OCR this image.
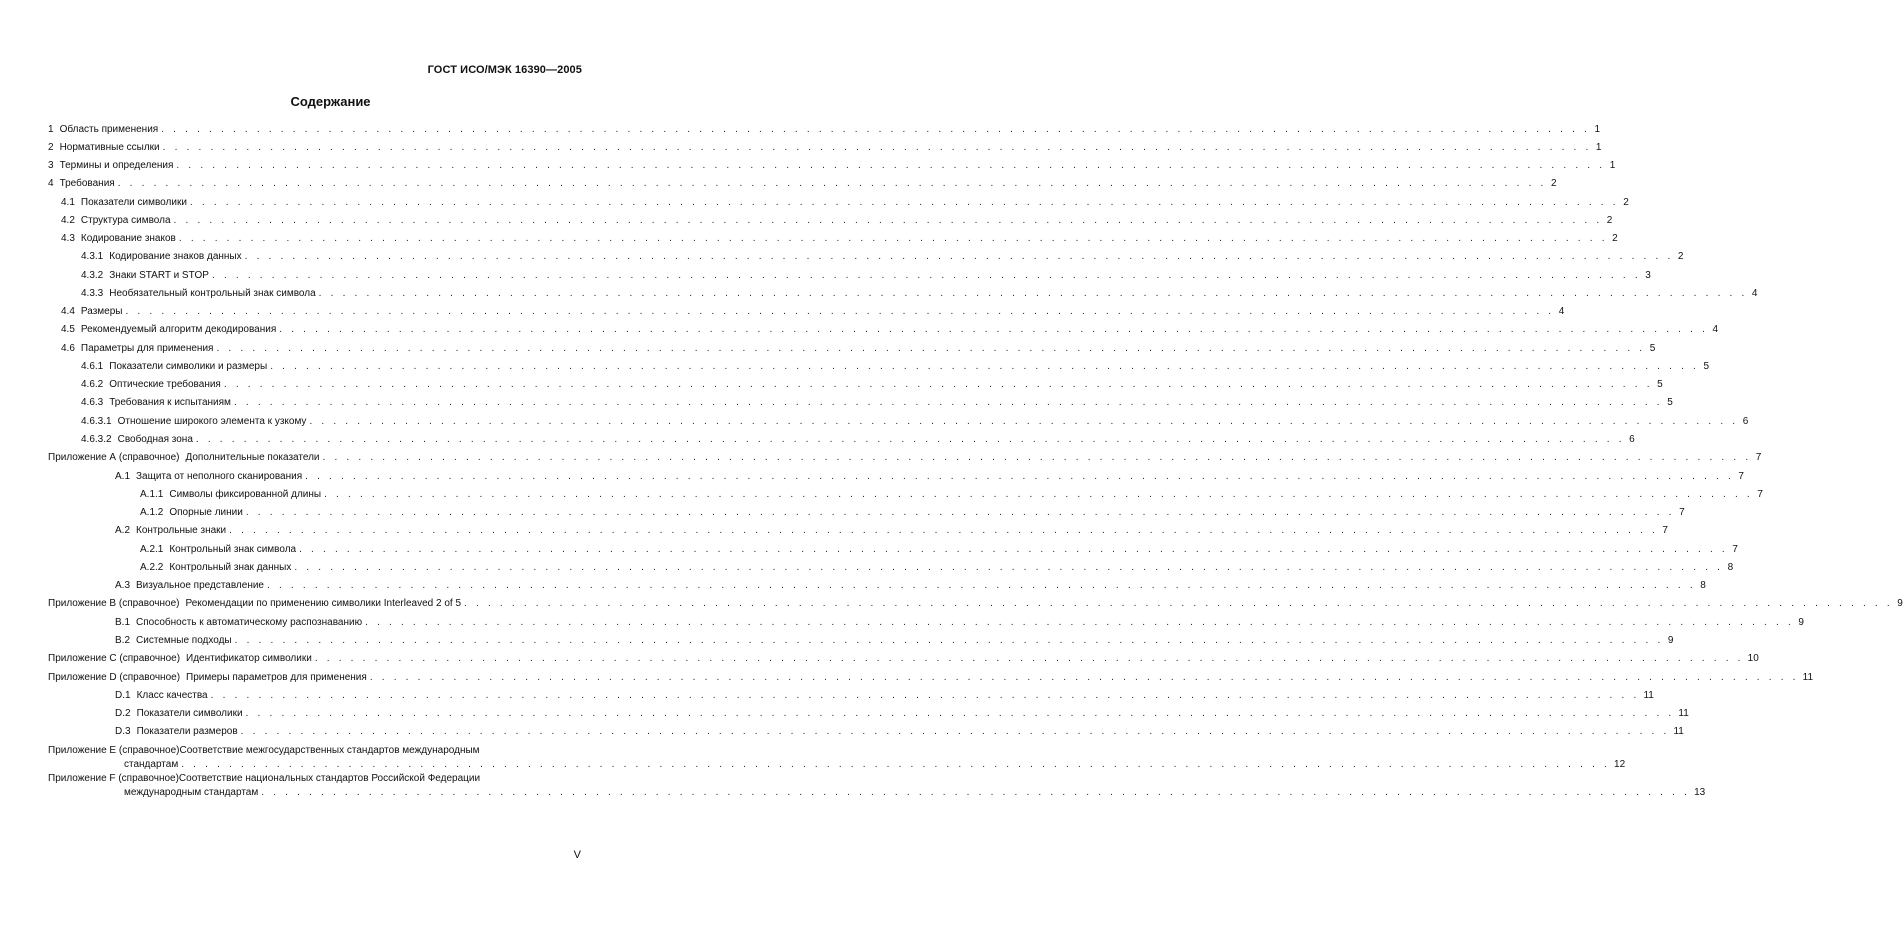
ГОСТ ИСО/МЭК 16390—2005
Содержание
1 Область применения . . . . . . . . . . . . . . . . . . . . . . . . . . . . . . . . . . . . . . . . . . . . . . . . . . . . . . . . . . . . . . . . . . . . . . . . . . . . . . . . . . . . . . . . . . . . . . . . . . . . . . . . . . . . . . . . . . . . . . . . 1
2 Нормативные ссылки . . . . . . . . . . . . . . . . . . . . . . . . . . . . . . . . . . . . . . . . . . . . . . . . . . . . . . . . . . . . . . . . . . . . . . . . . . . . . . . . . . . . . . . . . . . . . . . . . . . . . . . . . . . . . . . . . . . . . . . . 1
3 Термины и определения . . . . . . . . . . . . . . . . . . . . . . . . . . . . . . . . . . . . . . . . . . . . . . . . . . . . . . . . . . . . . . . . . . . . . . . . . . . . . . . . . . . . . . . . . . . . . . . . . . . . . . . . . . . . . . . . . . . . . . . . 1
4 Требования . . . . . . . . . . . . . . . . . . . . . . . . . . . . . . . . . . . . . . . . . . . . . . . . . . . . . . . . . . . . . . . . . . . . . . . . . . . . . . . . . . . . . . . . . . . . . . . . . . . . . . . . . . . . . . . . . . . . . . . . 2
4.1 Показатели символики . . . . . . . . . . . . . . . . . . . . . . . . . . . . . . . . . . . . . . . . . . . . . . . . . . . . . . . . . . . . . . . . . . . . . . . . . . . . . . . . . . . . . . . . . . . . . . . . . . . . . . . . . . . . . . . . . . . . . . . . 2
4.2 Структура символа . . . . . . . . . . . . . . . . . . . . . . . . . . . . . . . . . . . . . . . . . . . . . . . . . . . . . . . . . . . . . . . . . . . . . . . . . . . . . . . . . . . . . . . . . . . . . . . . . . . . . . . . . . . . . . . . . . . . . . . . 2
4.3 Кодирование знаков . . . . . . . . . . . . . . . . . . . . . . . . . . . . . . . . . . . . . . . . . . . . . . . . . . . . . . . . . . . . . . . . . . . . . . . . . . . . . . . . . . . . . . . . . . . . . . . . . . . . . . . . . . . . . . . . . . . . . . . . 2
4.3.1 Кодирование знаков данных . . . . . . . . . . . . . . . . . . . . . . . . . . . . . . . . . . . . . . . . . . . . . . . . . . . . . . . . . . . . . . . . . . . . . . . . . . . . . . . . . . . . . . . . . . . . . . . . . . . . . . . . . . . . . . . . . . . . . . . . 2
4.3.2 Знаки START и STOP . . . . . . . . . . . . . . . . . . . . . . . . . . . . . . . . . . . . . . . . . . . . . . . . . . . . . . . . . . . . . . . . . . . . . . . . . . . . . . . . . . . . . . . . . . . . . . . . . . . . . . . . . . . . . . . . . . . . . . . . 3
4.3.3 Необязательный контрольный знак символа . . . . . . . . . . . . . . . . . . . . . . . . . . . . . . . . . . . . . . . . . . . . . . . . . . . . . . . . . . . . . . . . . . . . . . . . . . . . . . . . . . . . . . . . . . . . . . . . . . . . . . . . . . . . . . . . . . . . . . . . 4
4.4 Размеры . . . . . . . . . . . . . . . . . . . . . . . . . . . . . . . . . . . . . . . . . . . . . . . . . . . . . . . . . . . . . . . . . . . . . . . . . . . . . . . . . . . . . . . . . . . . . . . . . . . . . . . . . . . . . . . . . . . . . . . . 4
4.5 Рекомендуемый алгоритм декодирования . . . . . . . . . . . . . . . . . . . . . . . . . . . . . . . . . . . . . . . . . . . . . . . . . . . . . . . . . . . . . . . . . . . . . . . . . . . . . . . . . . . . . . . . . . . . . . . . . . . . . . . . . . . . . . . . . . . . . . . . 4
4.6 Параметры для применения . . . . . . . . . . . . . . . . . . . . . . . . . . . . . . . . . . . . . . . . . . . . . . . . . . . . . . . . . . . . . . . . . . . . . . . . . . . . . . . . . . . . . . . . . . . . . . . . . . . . . . . . . . . . . . . . . . . . . . . . 5
4.6.1 Показатели символики и размеры . . . . . . . . . . . . . . . . . . . . . . . . . . . . . . . . . . . . . . . . . . . . . . . . . . . . . . . . . . . . . . . . . . . . . . . . . . . . . . . . . . . . . . . . . . . . . . . . . . . . . . . . . . . . . . . . . . . . . . . . 5
4.6.2 Оптические требования . . . . . . . . . . . . . . . . . . . . . . . . . . . . . . . . . . . . . . . . . . . . . . . . . . . . . . . . . . . . . . . . . . . . . . . . . . . . . . . . . . . . . . . . . . . . . . . . . . . . . . . . . . . . . . . . . . . . . . . . 5
4.6.3 Требования к испытаниям . . . . . . . . . . . . . . . . . . . . . . . . . . . . . . . . . . . . . . . . . . . . . . . . . . . . . . . . . . . . . . . . . . . . . . . . . . . . . . . . . . . . . . . . . . . . . . . . . . . . . . . . . . . . . . . . . . . . . . . . 5
4.6.3.1 Отношение широкого элемента к узкому . . . . . . . . . . . . . . . . . . . . . . . . . . . . . . . . . . . . . . . . . . . . . . . . . . . . . . . . . . . . . . . . . . . . . . . . . . . . . . . . . . . . . . . . . . . . . . . . . . . . . . . . . . . . . . . . . . . . . . . . 6
4.6.3.2 Свободная зона . . . . . . . . . . . . . . . . . . . . . . . . . . . . . . . . . . . . . . . . . . . . . . . . . . . . . . . . . . . . . . . . . . . . . . . . . . . . . . . . . . . . . . . . . . . . . . . . . . . . . . . . . . . . . . . . . . . . . . . . 6
Приложение А (справочное) Дополнительные показатели . . . . . . . . . . . . . . . . . . . . . . . . . . . . . . . . . . . . . . . . . . . . . . . . . . . . . . . . . . . . . . . . . . . . . . . . . . . . . . . . . . . . . . . . . . . . . . . . . . . . . . . . . . . . . . . . . . . . . . . . 7
А.1 Защита от неполного сканирования . . . . . . . . . . . . . . . . . . . . . . . . . . . . . . . . . . . . . . . . . . . . . . . . . . . . . . . . . . . . . . . . . . . . . . . . . . . . . . . . . . . . . . . . . . . . . . . . . . . . . . . . . . . . . . . . . . . . . . . . 7
А.1.1 Символы фиксированной длины . . . . . . . . . . . . . . . . . . . . . . . . . . . . . . . . . . . . . . . . . . . . . . . . . . . . . . . . . . . . . . . . . . . . . . . . . . . . . . . . . . . . . . . . . . . . . . . . . . . . . . . . . . . . . . . . . . . . . . . . 7
А.1.2 Опорные линии . . . . . . . . . . . . . . . . . . . . . . . . . . . . . . . . . . . . . . . . . . . . . . . . . . . . . . . . . . . . . . . . . . . . . . . . . . . . . . . . . . . . . . . . . . . . . . . . . . . . . . . . . . . . . . . . . . . . . . . . 7
А.2 Контрольные знаки . . . . . . . . . . . . . . . . . . . . . . . . . . . . . . . . . . . . . . . . . . . . . . . . . . . . . . . . . . . . . . . . . . . . . . . . . . . . . . . . . . . . . . . . . . . . . . . . . . . . . . . . . . . . . . . . . . . . . . . . 7
А.2.1 Контрольный знак символа . . . . . . . . . . . . . . . . . . . . . . . . . . . . . . . . . . . . . . . . . . . . . . . . . . . . . . . . . . . . . . . . . . . . . . . . . . . . . . . . . . . . . . . . . . . . . . . . . . . . . . . . . . . . . . . . . . . . . . . . 7
А.2.2 Контрольный знак данных . . . . . . . . . . . . . . . . . . . . . . . . . . . . . . . . . . . . . . . . . . . . . . . . . . . . . . . . . . . . . . . . . . . . . . . . . . . . . . . . . . . . . . . . . . . . . . . . . . . . . . . . . . . . . . . . . . . . . . . . 8
А.3 Визуальное представление . . . . . . . . . . . . . . . . . . . . . . . . . . . . . . . . . . . . . . . . . . . . . . . . . . . . . . . . . . . . . . . . . . . . . . . . . . . . . . . . . . . . . . . . . . . . . . . . . . . . . . . . . . . . . . . . . . . . . . . . 8
Приложение В (справочное) Рекомендации по применению символики Interleaved 2 of 5 . . . . . . . . . . . . . . . . . . . . . . . . . . . . . . . . . . . . . . . . . . . . . . . . . . . . . . . . . . . . . . . . . . . . . . . . . . . . . . . . . . . . . . . . . . . . . . . . . . . . . . . . . . . . . . . . . . . . . . . . 9
В.1 Способность к автоматическому распознаванию . . . . . . . . . . . . . . . . . . . . . . . . . . . . . . . . . . . . . . . . . . . . . . . . . . . . . . . . . . . . . . . . . . . . . . . . . . . . . . . . . . . . . . . . . . . . . . . . . . . . . . . . . . . . . . . . . . . . . . . . 9
В.2 Системные подходы . . . . . . . . . . . . . . . . . . . . . . . . . . . . . . . . . . . . . . . . . . . . . . . . . . . . . . . . . . . . . . . . . . . . . . . . . . . . . . . . . . . . . . . . . . . . . . . . . . . . . . . . . . . . . . . . . . . . . . . . 9
Приложение С (справочное) Идентификатор символики . . . . . . . . . . . . . . . . . . . . . . . . . . . . . . . . . . . . . . . . . . . . . . . . . . . . . . . . . . . . . . . . . . . . . . . . . . . . . . . . . . . . . . . . . . . . . . . . . . . . . . . . . . . . . . . . . . . . . . . . 10
Приложение D (справочное) Примеры параметров для применения . . . . . . . . . . . . . . . . . . . . . . . . . . . . . . . . . . . . . . . . . . . . . . . . . . . . . . . . . . . . . . . . . . . . . . . . . . . . . . . . . . . . . . . . . . . . . . . . . . . . . . . . . . . . . . . . . . . . . . . . 11
D.1 Класс качества . . . . . . . . . . . . . . . . . . . . . . . . . . . . . . . . . . . . . . . . . . . . . . . . . . . . . . . . . . . . . . . . . . . . . . . . . . . . . . . . . . . . . . . . . . . . . . . . . . . . . . . . . . . . . . . . . . . . . . . . 11
D.2 Показатели символики . . . . . . . . . . . . . . . . . . . . . . . . . . . . . . . . . . . . . . . . . . . . . . . . . . . . . . . . . . . . . . . . . . . . . . . . . . . . . . . . . . . . . . . . . . . . . . . . . . . . . . . . . . . . . . . . . . . . . . . . 11
D.3 Показатели размеров . . . . . . . . . . . . . . . . . . . . . . . . . . . . . . . . . . . . . . . . . . . . . . . . . . . . . . . . . . . . . . . . . . . . . . . . . . . . . . . . . . . . . . . . . . . . . . . . . . . . . . . . . . . . . . . . . . . . . . . . 11
Приложение Е (справочное) Соответствие межгосударственных стандартов международным
стандартам . . . . . . . . . . . . . . . . . . . . . . . . . . . . . . . . . . . . . . . . . . . . . . . . . . . . . . . . . . . . . . . . . . . . . . . . . . . . . . . . . . . . . . . . . . . . . . . . . . . . . . . . . . . . . . . . . . . . . . . . 12
Приложение F (справочное) Соответствие национальных стандартов Российской Федерации
международным стандартам . . . . . . . . . . . . . . . . . . . . . . . . . . . . . . . . . . . . . . . . . . . . . . . . . . . . . . . . . . . . . . . . . . . . . . . . . . . . . . . . . . . . . . . . . . . . . . . . . . . . . . . . . . . . . . . . . . . . . . . . 13
V
